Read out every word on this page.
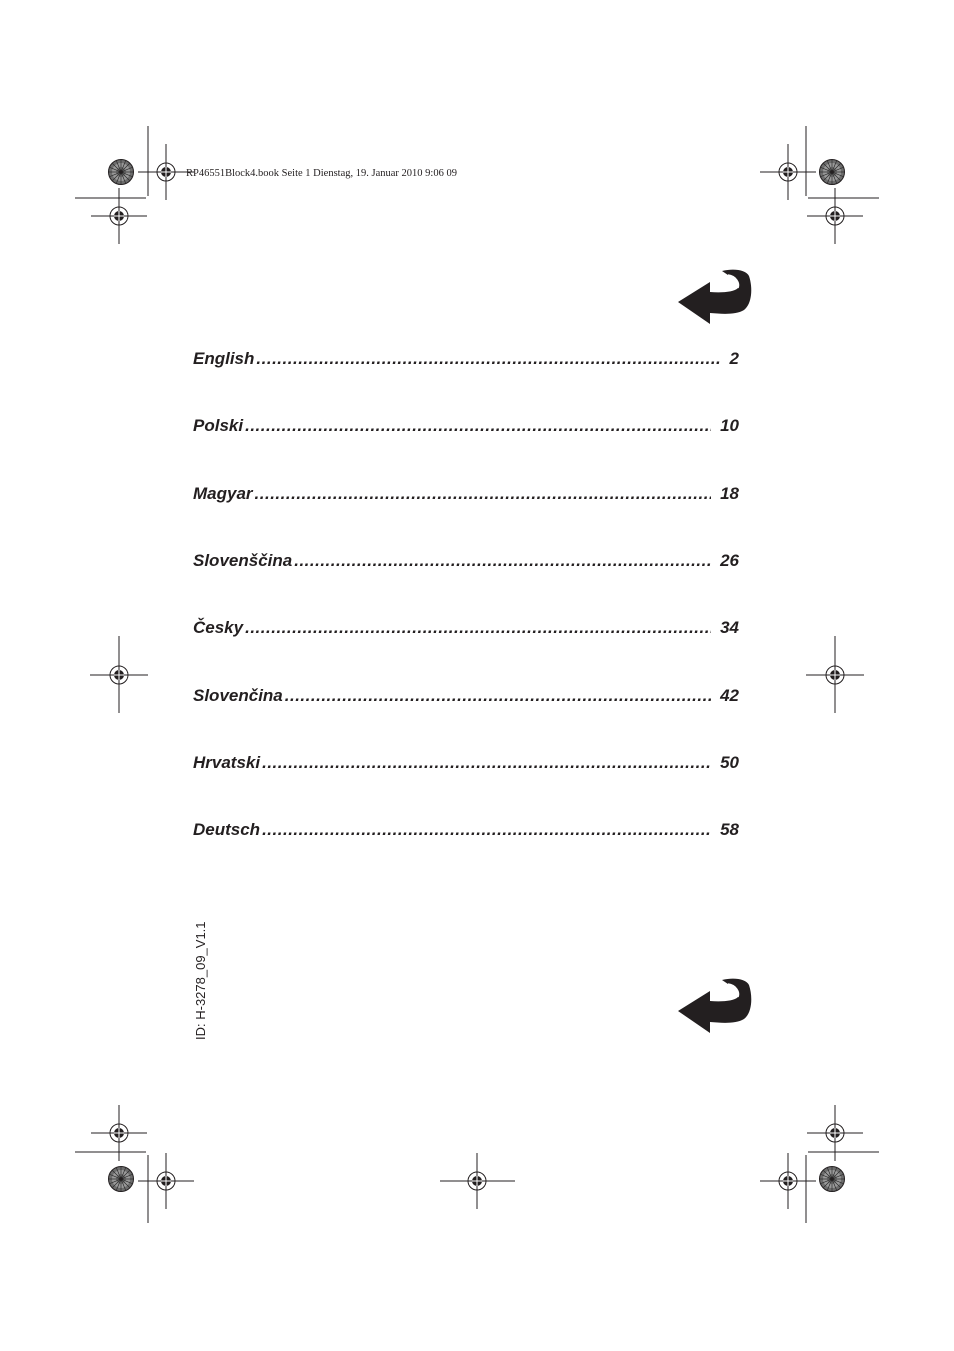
RP46551Block4.book Seite 1 Dienstag, 19. Januar 2010 9:06 09
English .....	2
Polski .....	10
Magyar .....	18
Slovenščina .....	26
Česky .....	34
Slovenčina .....	42
Hrvatski .....	50
Deutsch .....	58
ID: H-3278_09_V1.1
